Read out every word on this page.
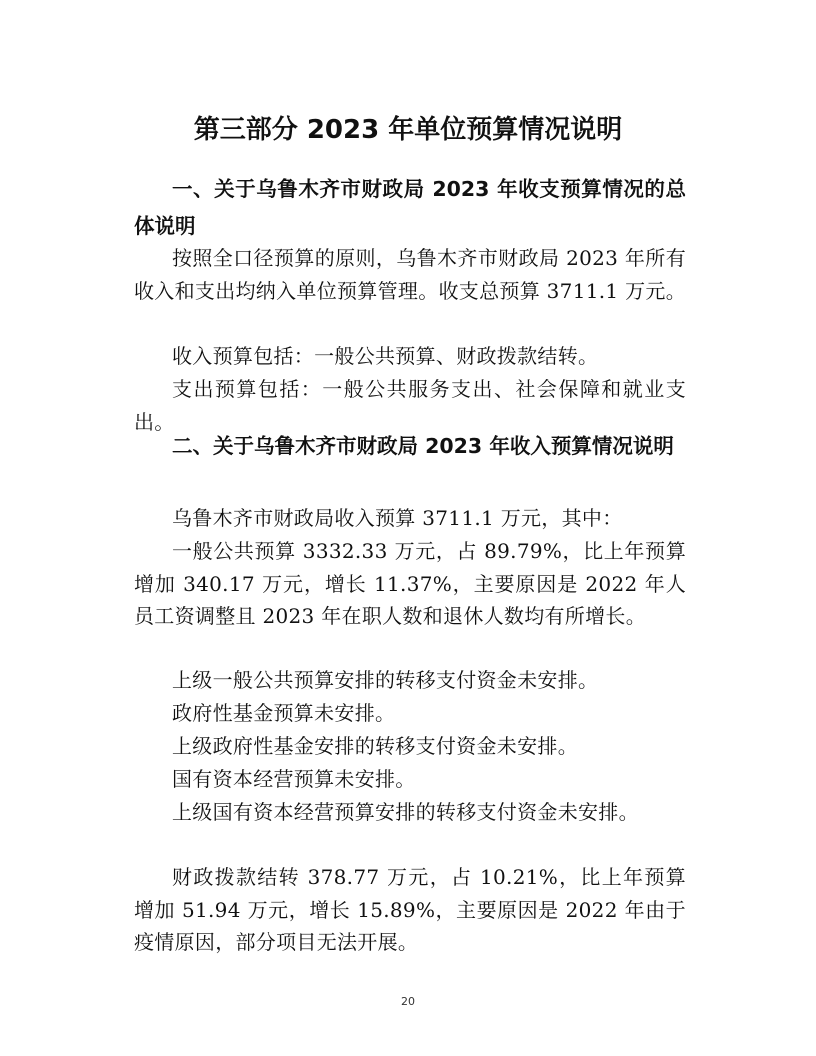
第三部分 2023 年单位预算情况说明
一、关于乌鲁木齐市财政局 2023 年收支预算情况的总体说明

按照全口径预算的原则，乌鲁木齐市财政局 2023 年所有收入和支出均纳入单位预算管理。收支总预算 3711.1 万元。

收入预算包括：一般公共预算、财政拨款结转。

支出预算包括：一般公共服务支出、社会保障和就业支出。

二、关于乌鲁木齐市财政局 2023 年收入预算情况说明

乌鲁木齐市财政局收入预算 3711.1 万元，其中：

一般公共预算 3332.33 万元，占 89.79%，比上年预算增加 340.17 万元，增长 11.37%，主要原因是 2022 年人员工资调整且 2023 年在职人数和退休人数均有所增长。

上级一般公共预算安排的转移支付资金未安排。

政府性基金预算未安排。

上级政府性基金安排的转移支付资金未安排。

国有资本经营预算未安排。

上级国有资本经营预算安排的转移支付资金未安排。

财政拨款结转 378.77 万元，占 10.21%，比上年预算增加 51.94 万元，增长 15.89%，主要原因是 2022 年由于疫情原因，部分项目无法开展。

20
